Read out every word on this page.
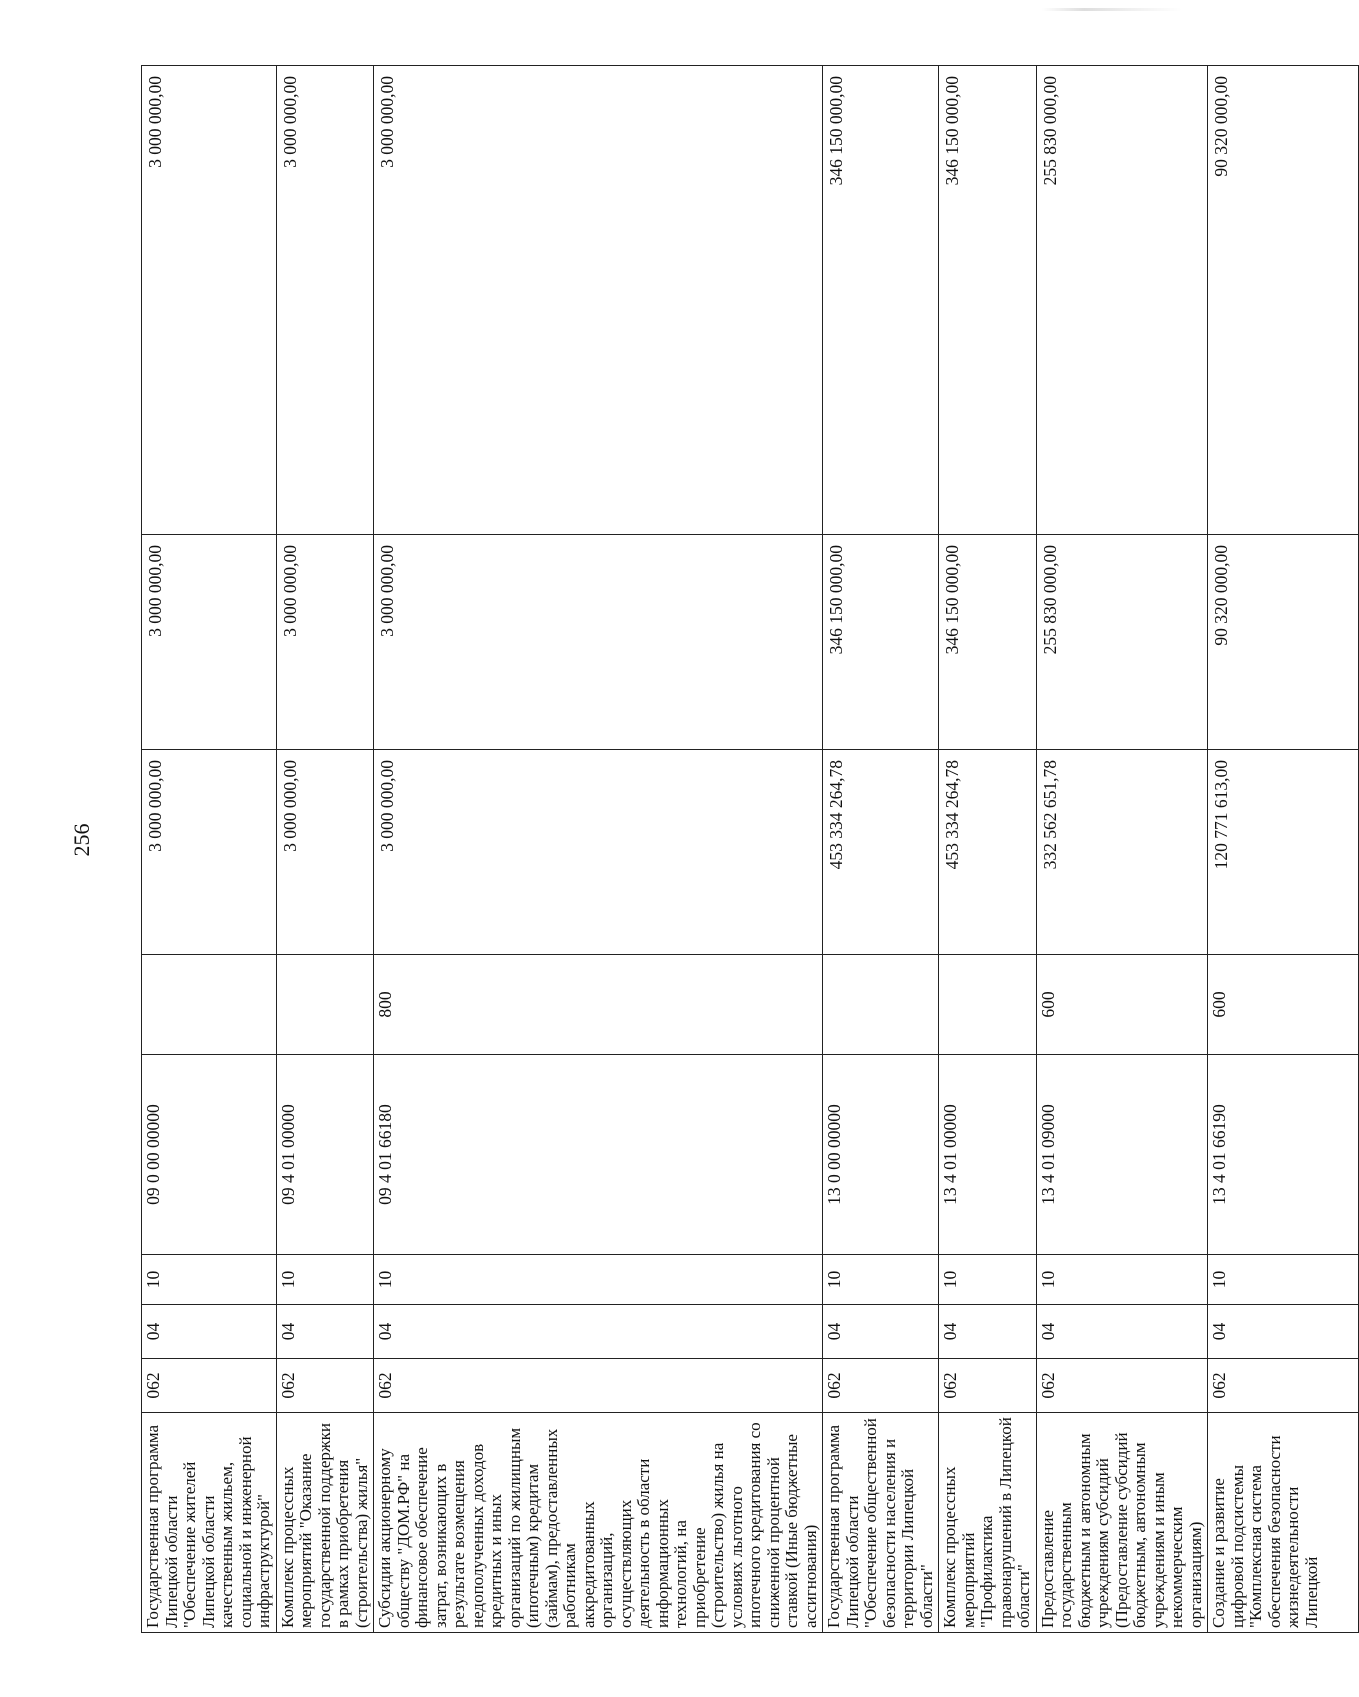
256
Государственная программа Липецкой области "Обеспечение жителей Липецкой области качественным жильем, социальной и инженерной инфраструктурой"	062	04	10	09 0 00 00000		3 000 000,00	3 000 000,00	3 000 000,00
Комплекс процессных мероприятий "Оказание государственной поддержки в рамках приобретения (строительства) жилья"	062	04	10	09 4 01 00000		3 000 000,00	3 000 000,00	3 000 000,00
Субсидии акционерному обществу "ДОМ.РФ" на финансовое обеспечение затрат, возникающих в результате возмещения недополученных доходов кредитных и иных организаций по жилищным (ипотечным) кредитам (займам), предоставленных работникам аккредитованных организаций, осуществляющих деятельность в области информационных технологий, на приобретение (строительство) жилья на условиях льготного ипотечного кредитования со сниженной процентной ставкой (Иные бюджетные ассигнования)	062	04	10	09 4 01 66180	800	3 000 000,00	3 000 000,00	3 000 000,00
Государственная программа Липецкой области "Обеспечение общественной безопасности населения и территории Липецкой области"	062	04	10	13 0 00 00000		453 334 264,78	346 150 000,00	346 150 000,00
Комплекс процессных мероприятий "Профилактика правонарушений в Липецкой области"	062	04	10	13 4 01 00000		453 334 264,78	346 150 000,00	346 150 000,00
Предоставление государственным бюджетным и автономным учреждениям субсидий (Предоставление субсидий бюджетным, автономным учреждениям и иным некоммерческим организациям)	062	04	10	13 4 01 09000	600	332 562 651,78	255 830 000,00	255 830 000,00
Создание и развитие цифровой подсистемы "Комплексная система обеспечения безопасности жизнедеятельности Липецкой	062	04	10	13 4 01 66190	600	120 771 613,00	90 320 000,00	90 320 000,00
